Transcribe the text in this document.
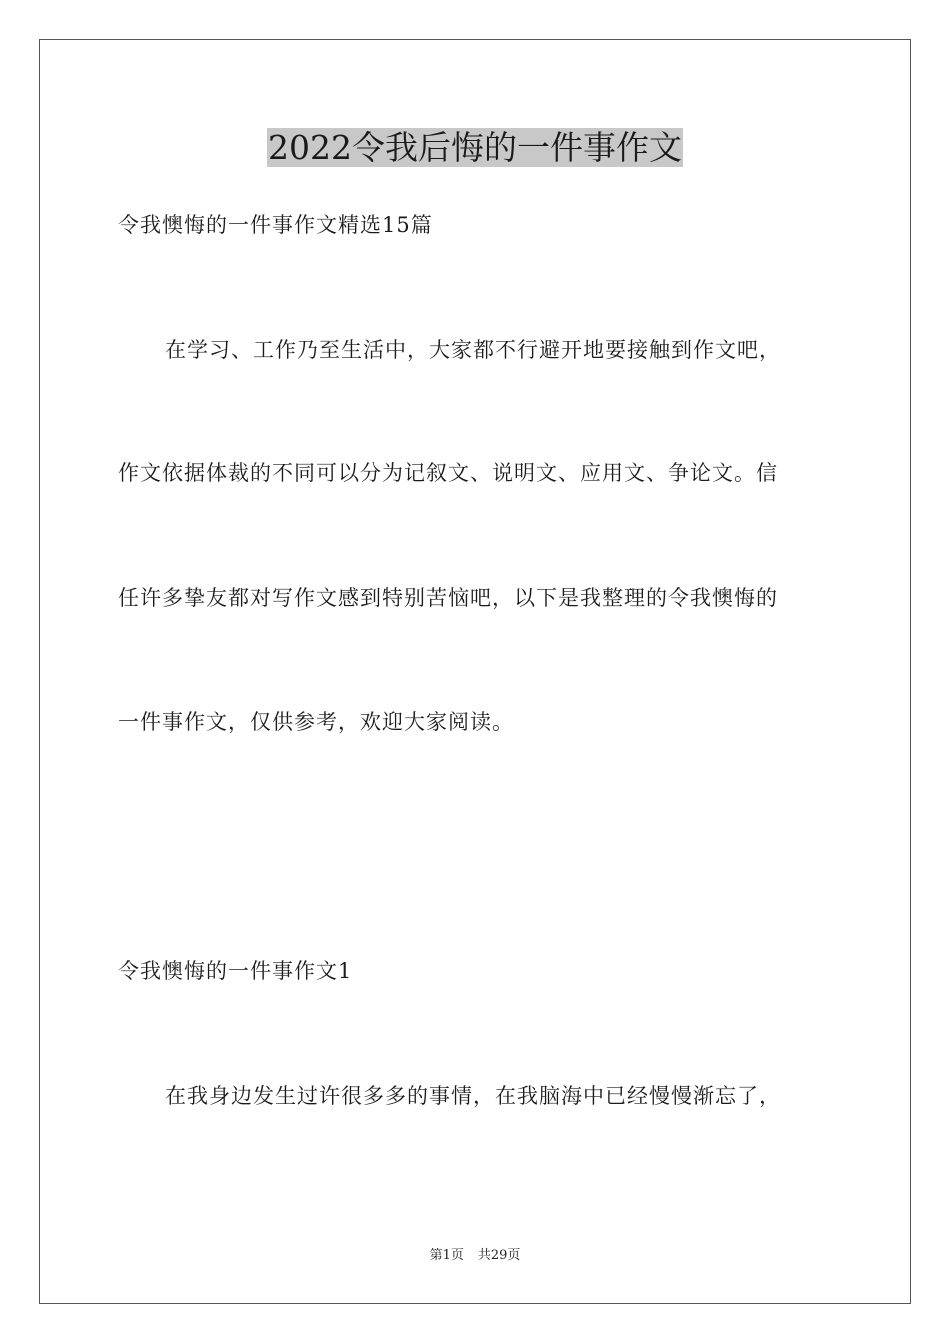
2022令我后悔的一件事作文

令我懊悔的一件事作文精选15篇

在学习、工作乃至生活中，大家都不行避开地要接触到作文吧，

作文依据体裁的不同可以分为记叙文、说明文、应用文、争论文。信

任许多挚友都对写作文感到特别苦恼吧，以下是我整理的令我懊悔的

一件事作文，仅供参考，欢迎大家阅读。

令我懊悔的一件事作文1

在我身边发生过许很多多的事情，在我脑海中已经慢慢渐忘了，

第1页 共29页
